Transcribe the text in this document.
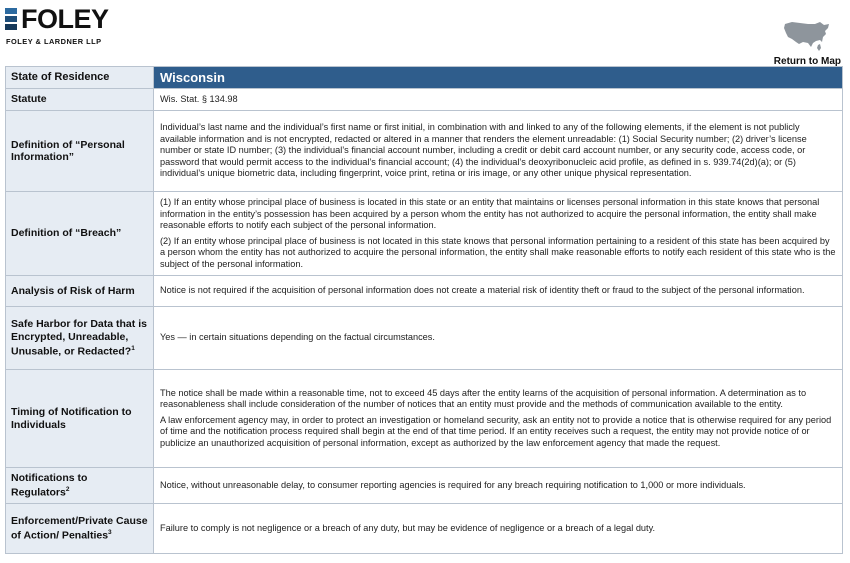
FOLEY
FOLEY & LARDNER LLP
Return to Map
State of Residence	Wisconsin
Statute	Wis. Stat. § 134.98

Definition of “Personal Information”	Individual’s last name and the individual’s first name or first initial, in combination with and linked to any of the following elements, if the element is not publicly available information and is not encrypted, redacted or altered in a manner that renders the element unreadable: (1) Social Security number; (2) driver’s license number or state ID number; (3) the individual’s financial account number, including a credit or debit card account number, or any security code, access code, or password that would permit access to the individual’s financial account; (4) the individual’s deoxyribonucleic acid profile, as defined in s. 939.74(2d)(a); or (5) individual’s unique biometric data, including fingerprint, voice print, retina or iris image, or any other unique physical representation.

Definition of “Breach”	(1) If an entity whose principal place of business is located in this state or an entity that maintains or licenses personal information in this state knows that personal information in the entity’s possession has been acquired by a person whom the entity has not authorized to acquire the personal information, the entity shall make reasonable efforts to notify each subject of the personal information.

(2) If an entity whose principal place of business is not located in this state knows that personal information pertaining to a resident of this state has been acquired by a person whom the entity has not authorized to acquire the personal information, the entity shall make reasonable efforts to notify each resident of this state who is the subject of the personal information.

Analysis of Risk of Harm	Notice is not required if the acquisition of personal information does not create a material risk of identity theft or fraud to the subject of the personal information.

Safe Harbor for Data that is Encrypted, Unreadable, Unusable, or Redacted?$^1$	Yes — in certain situations depending on the factual circumstances.

Timing of Notification to Individuals	The notice shall be made within a reasonable time, not to exceed 45 days after the entity learns of the acquisition of personal information. A determination as to reasonableness shall include consideration of the number of notices that an entity must provide and the methods of communication available to the entity.

A law enforcement agency may, in order to protect an investigation or homeland security, ask an entity not to provide a notice that is otherwise required for any period of time and the notification process required shall begin at the end of that time period. If an entity receives such a request, the entity may not provide notice of or publicize an unauthorized acquisition of personal information, except as authorized by the law enforcement agency that made the request.

Notifications to Regulators$^2$	Notice, without unreasonable delay, to consumer reporting agencies is required for any breach requiring notification to 1,000 or more individuals.

Enforcement/Private Cause of Action/ Penalties$^3$	Failure to comply is not negligence or a breach of any duty, but may be evidence of negligence or a breach of a legal duty.
